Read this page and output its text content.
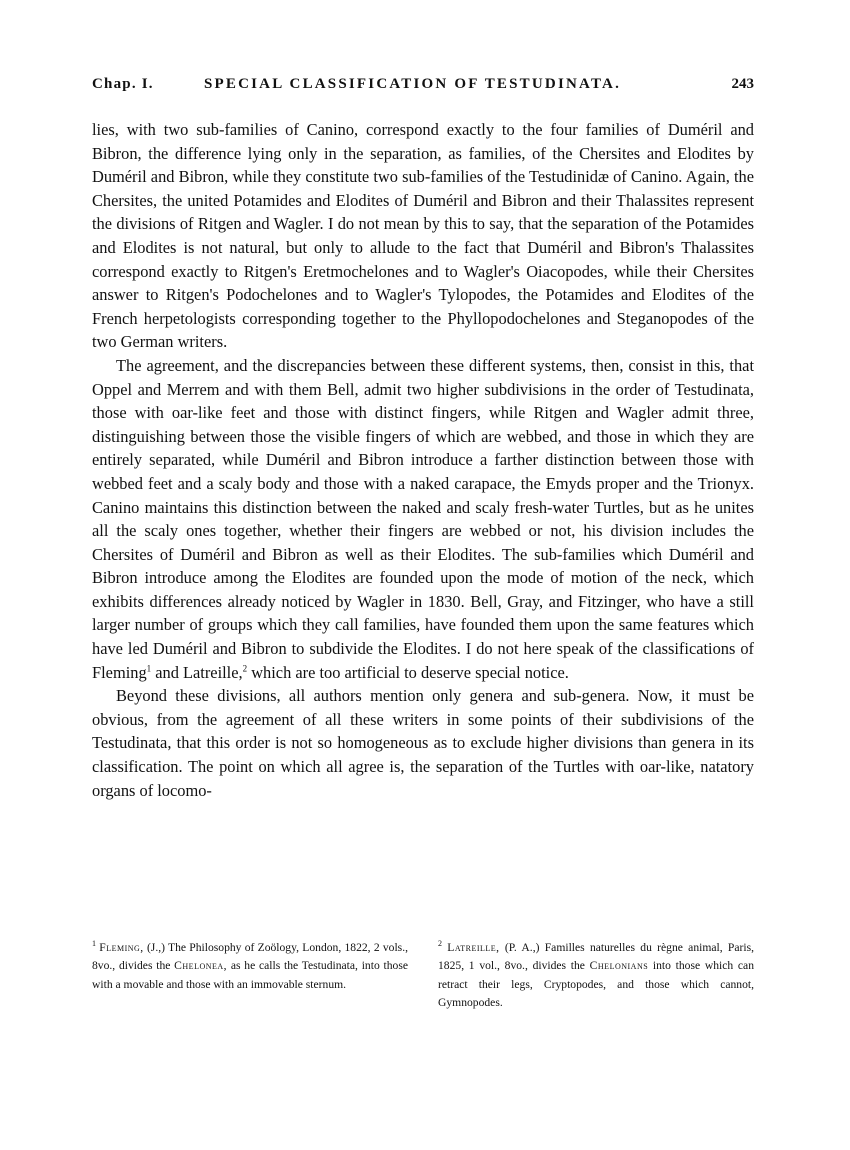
Chap. I.	SPECIAL CLASSIFICATION OF TESTUDINATA.	243

lies, with two sub-families of Canino, correspond exactly to the four families of Duméril and Bibron, the difference lying only in the separation, as families, of the Chersites and Elodites by Duméril and Bibron, while they constitute two sub-families of the Testudinidæ of Canino. Again, the Chersites, the united Potamides and Elodites of Duméril and Bibron and their Thalassites represent the divisions of Ritgen and Wagler. I do not mean by this to say, that the separation of the Potamides and Elodites is not natural, but only to allude to the fact that Duméril and Bibron's Thalassites correspond exactly to Ritgen's Eretmochelones and to Wagler's Oiacopodes, while their Chersites answer to Ritgen's Podochelones and to Wagler's Tylopodes, the Potamides and Elodites of the French herpetologists corresponding together to the Phyllopodochelones and Steganopodes of the two German writers.

The agreement, and the discrepancies between these different systems, then, consist in this, that Oppel and Merrem and with them Bell, admit two higher subdivisions in the order of Testudinata, those with oar-like feet and those with distinct fingers, while Ritgen and Wagler admit three, distinguishing between those the visible fingers of which are webbed, and those in which they are entirely separated, while Duméril and Bibron introduce a farther distinction between those with webbed feet and a scaly body and those with a naked carapace, the Emyds proper and the Trionyx. Canino maintains this distinction between the naked and scaly fresh-water Turtles, but as he unites all the scaly ones together, whether their fingers are webbed or not, his division includes the Chersites of Duméril and Bibron as well as their Elodites. The sub-families which Duméril and Bibron introduce among the Elodites are founded upon the mode of motion of the neck, which exhibits differences already noticed by Wagler in 1830. Bell, Gray, and Fitzinger, who have a still larger number of groups which they call families, have founded them upon the same features which have led Duméril and Bibron to subdivide the Elodites. I do not here speak of the classifications of Fleming$^1$ and Latreille,$^2$ which are too artificial to deserve special notice.

Beyond these divisions, all authors mention only genera and sub-genera. Now, it must be obvious, from the agreement of all these writers in some points of their subdivisions of the Testudinata, that this order is not so homogeneous as to exclude higher divisions than genera in its classification. The point on which all agree is, the separation of the Turtles with oar-like, natatory organs of locomo-

$^1$ Fleming, (J.,) The Philosophy of Zoölogy, London, 1822, 2 vols., 8vo., divides the Chelonea, as he calls the Testudinata, into those with a movable and those with an immovable sternum.
$^2$ Latreille, (P. A.,) Familles naturelles du règne animal, Paris, 1825, 1 vol., 8vo., divides the Chelonians into those which can retract their legs, Cryptopodes, and those which cannot, Gymnopodes.
